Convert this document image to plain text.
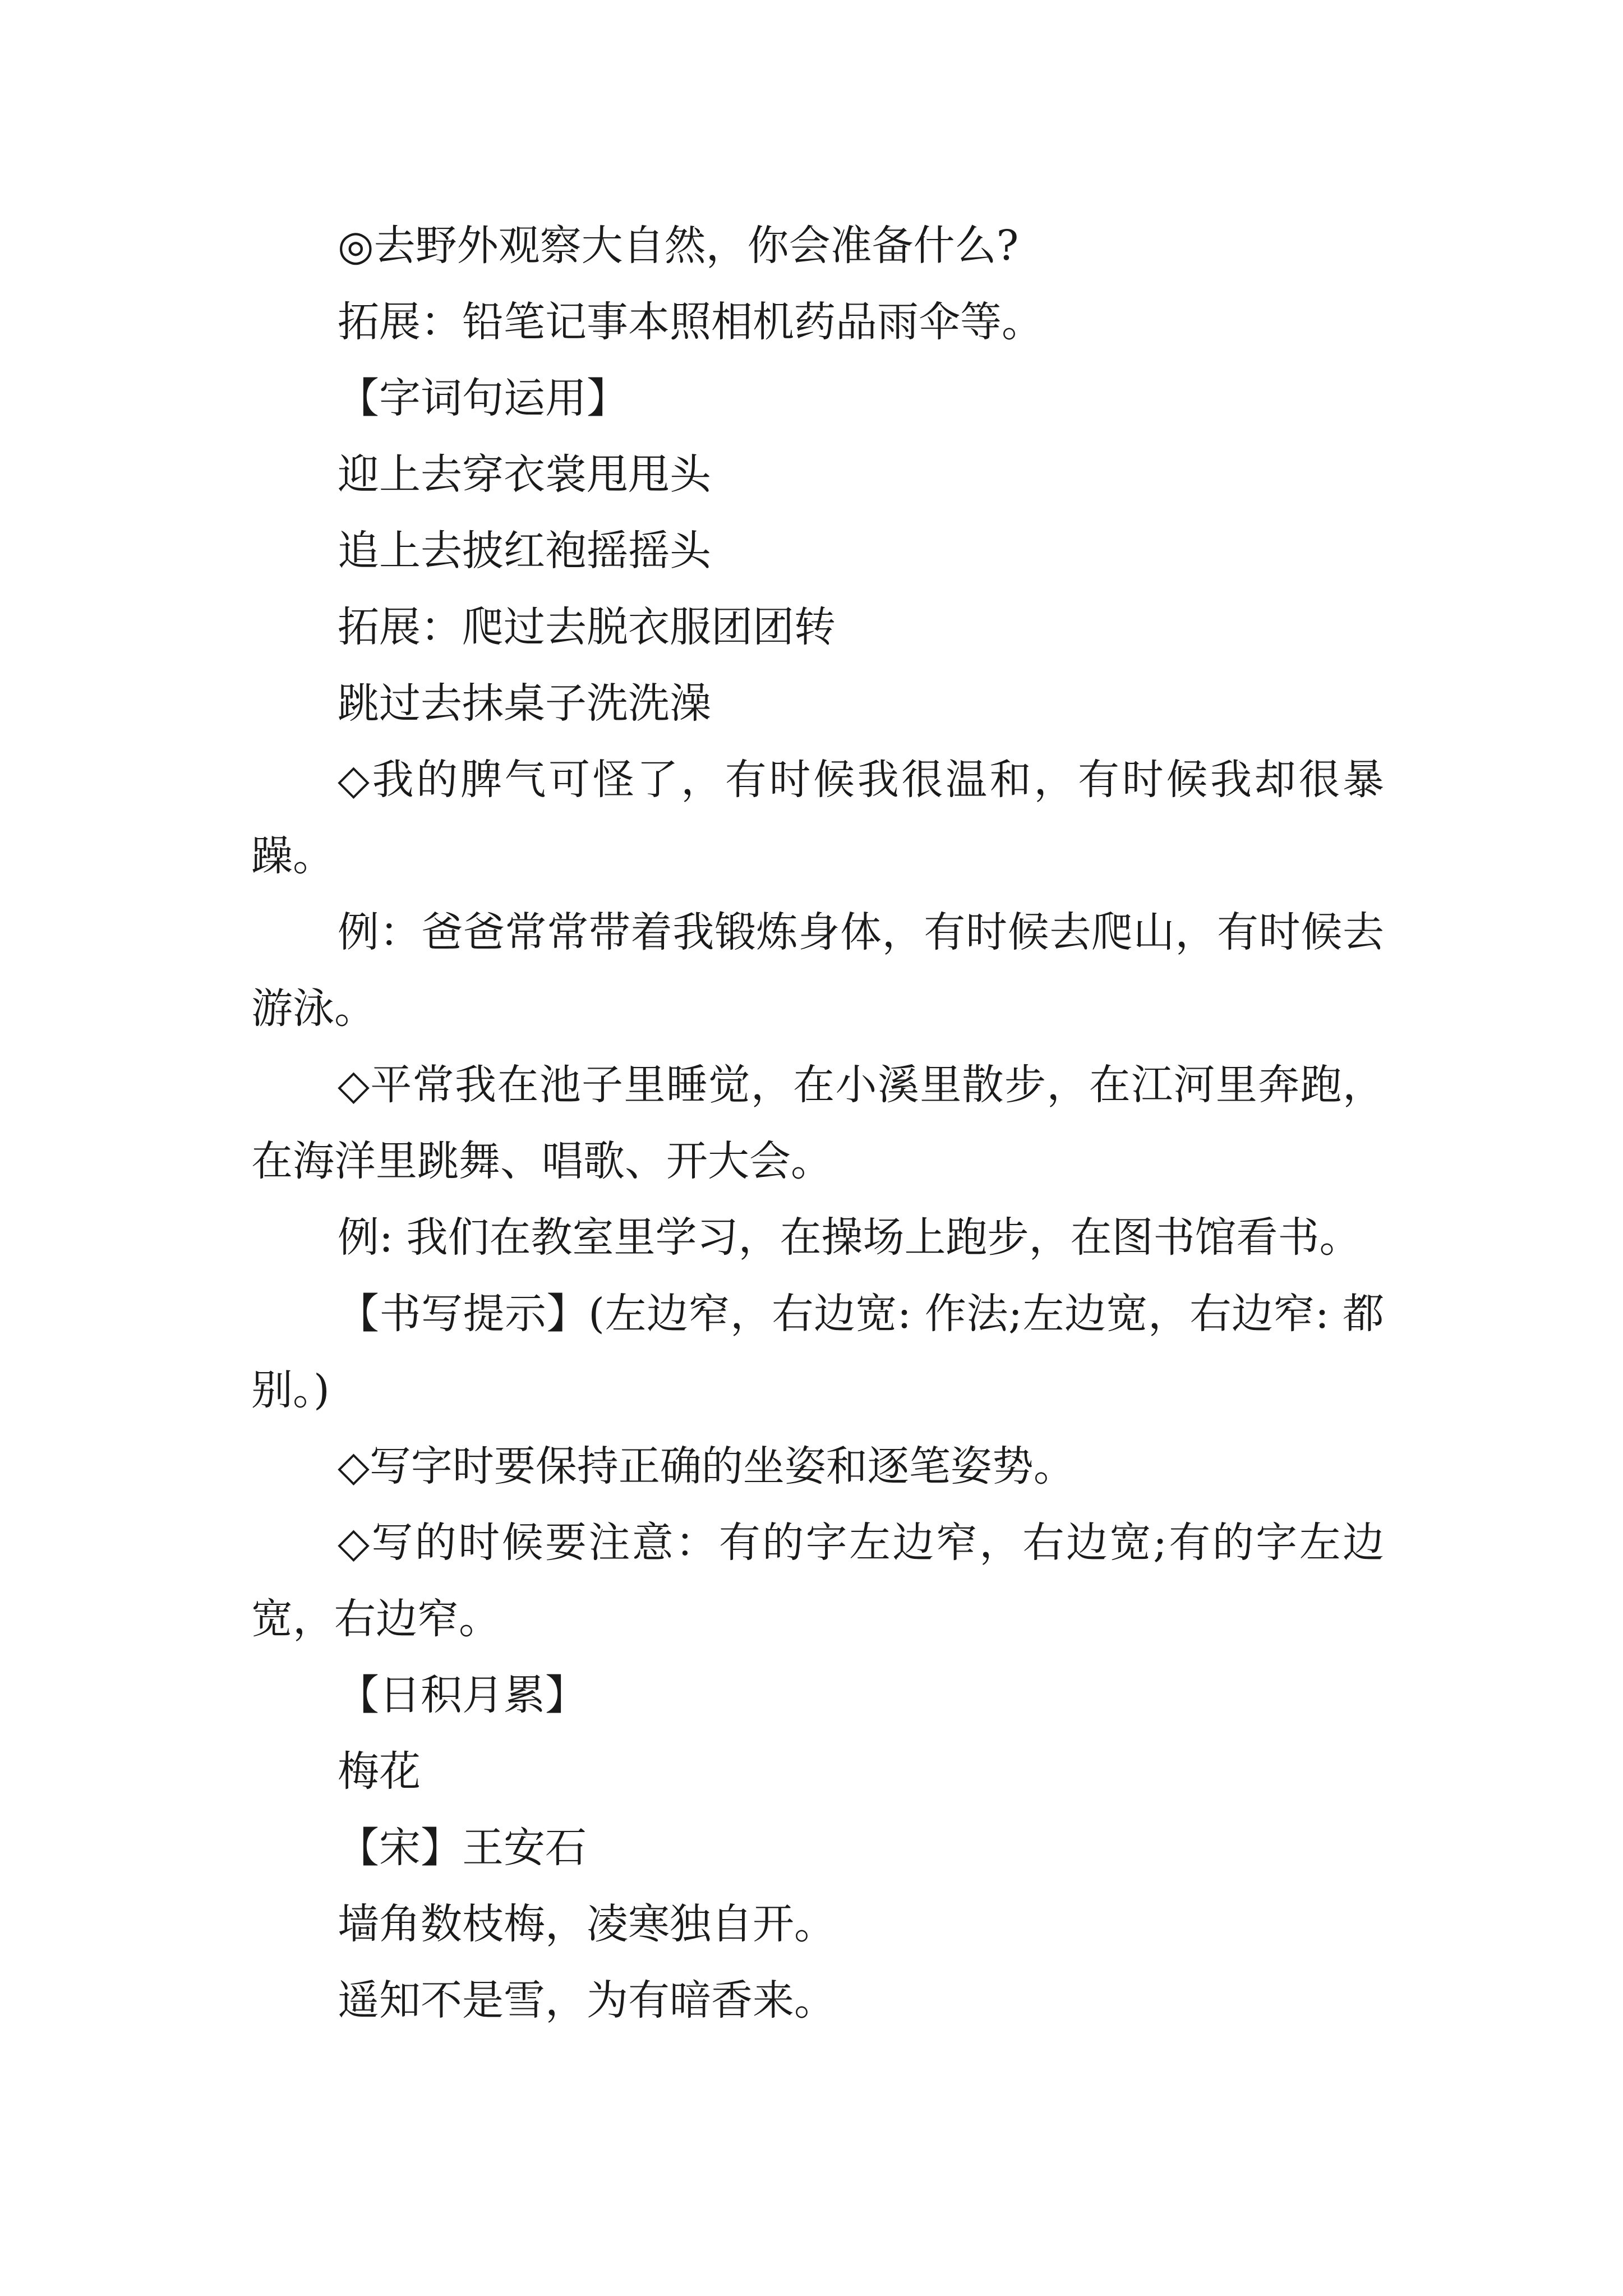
◎去野外观察大自然，你会准备什么?

拓展：铅笔记事本照相机药品雨伞等。

【字词句运用】

迎上去穿衣裳甩甩头

追上去披红袍摇摇头

拓展：爬过去脱衣服团团转

跳过去抹桌子洗洗澡

◇我的脾气可怪了，有时候我很温和，有时候我却很暴躁。

例：爸爸常常带着我锻炼身体，有时候去爬山，有时候去游泳。

◇平常我在池子里睡觉，在小溪里散步，在江河里奔跑，在海洋里跳舞、唱歌、开大会。

例: 我们在教室里学习，在操场上跑步，在图书馆看书。

【书写提示】(左边窄，右边宽: 作法;左边宽，右边窄: 都别。)

◇写字时要保持正确的坐姿和逐笔姿势。

◇写的时候要注意：有的字左边窄，右边宽;有的字左边宽，右边窄。

【日积月累】

梅花

【宋】王安石

墙角数枝梅，凌寒独自开。

遥知不是雪，为有暗香来。
